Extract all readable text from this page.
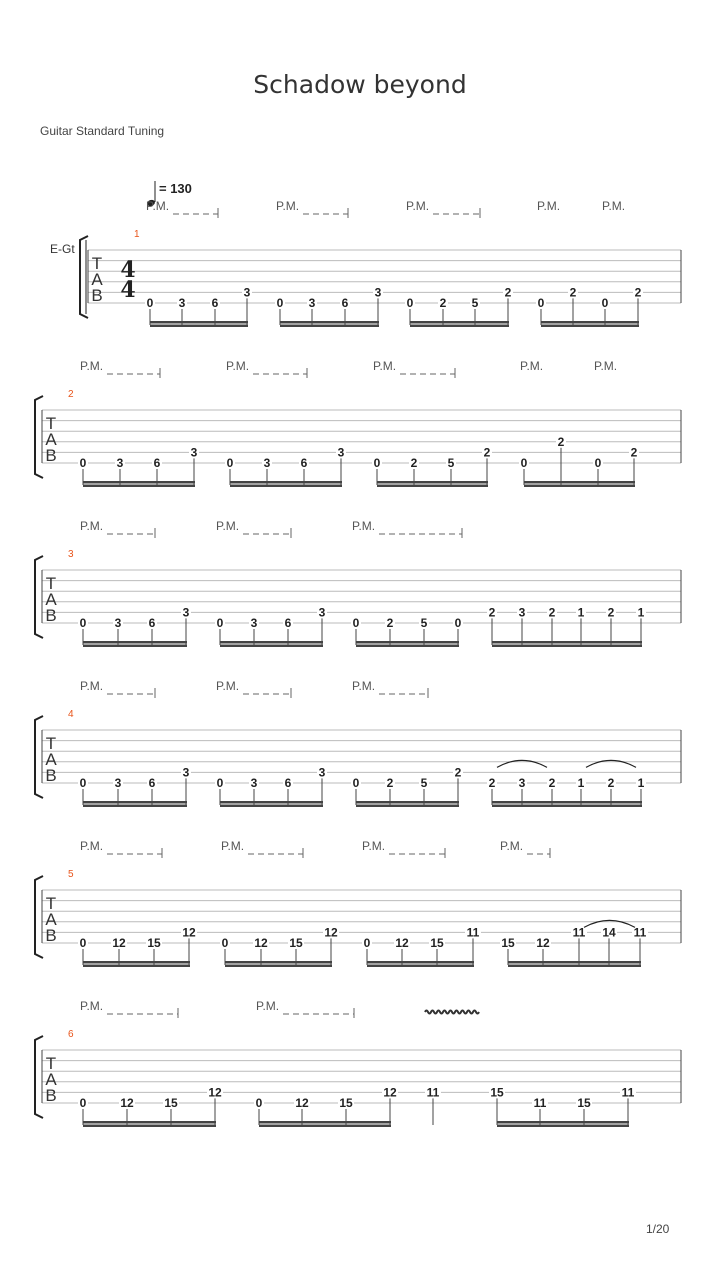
Schadow beyond
Guitar Standard Tuning
1/20
= 130
E-Gt
T
A
B
4
4
1
P.M.	P.M.	P.M.	P.M.	P.M.
0 3 6
3
0 3 6
3
0 2 5
2
0
2
0
2
T
A
B
2
P.M.	P.M.	P.M.	P.M.	P.M.
0	3	6
3
0	3	6
3
0	2	5
2
0
2
0
2
T
A
B
3
P.M.	P.M.	P.M.
0 3 6
3
0 3 6
3
0 2 5 0
2 3 2 1 2 1
T
A
B
4
P.M.	P.M.	P.M.
0 3 6
3
0 3 6
3
0 2 5
2
2 3 2 1 2 1
T
A
B
5
P.M.	P.M.	P.M.	P.M.
0 12 15
12
0 12 15
12
0 12 15
11
15 12
11 14 11
T
A
B
6
P.M.	P.M.
0	12	15
12
0	12	15
12 11	15
11	15
11
